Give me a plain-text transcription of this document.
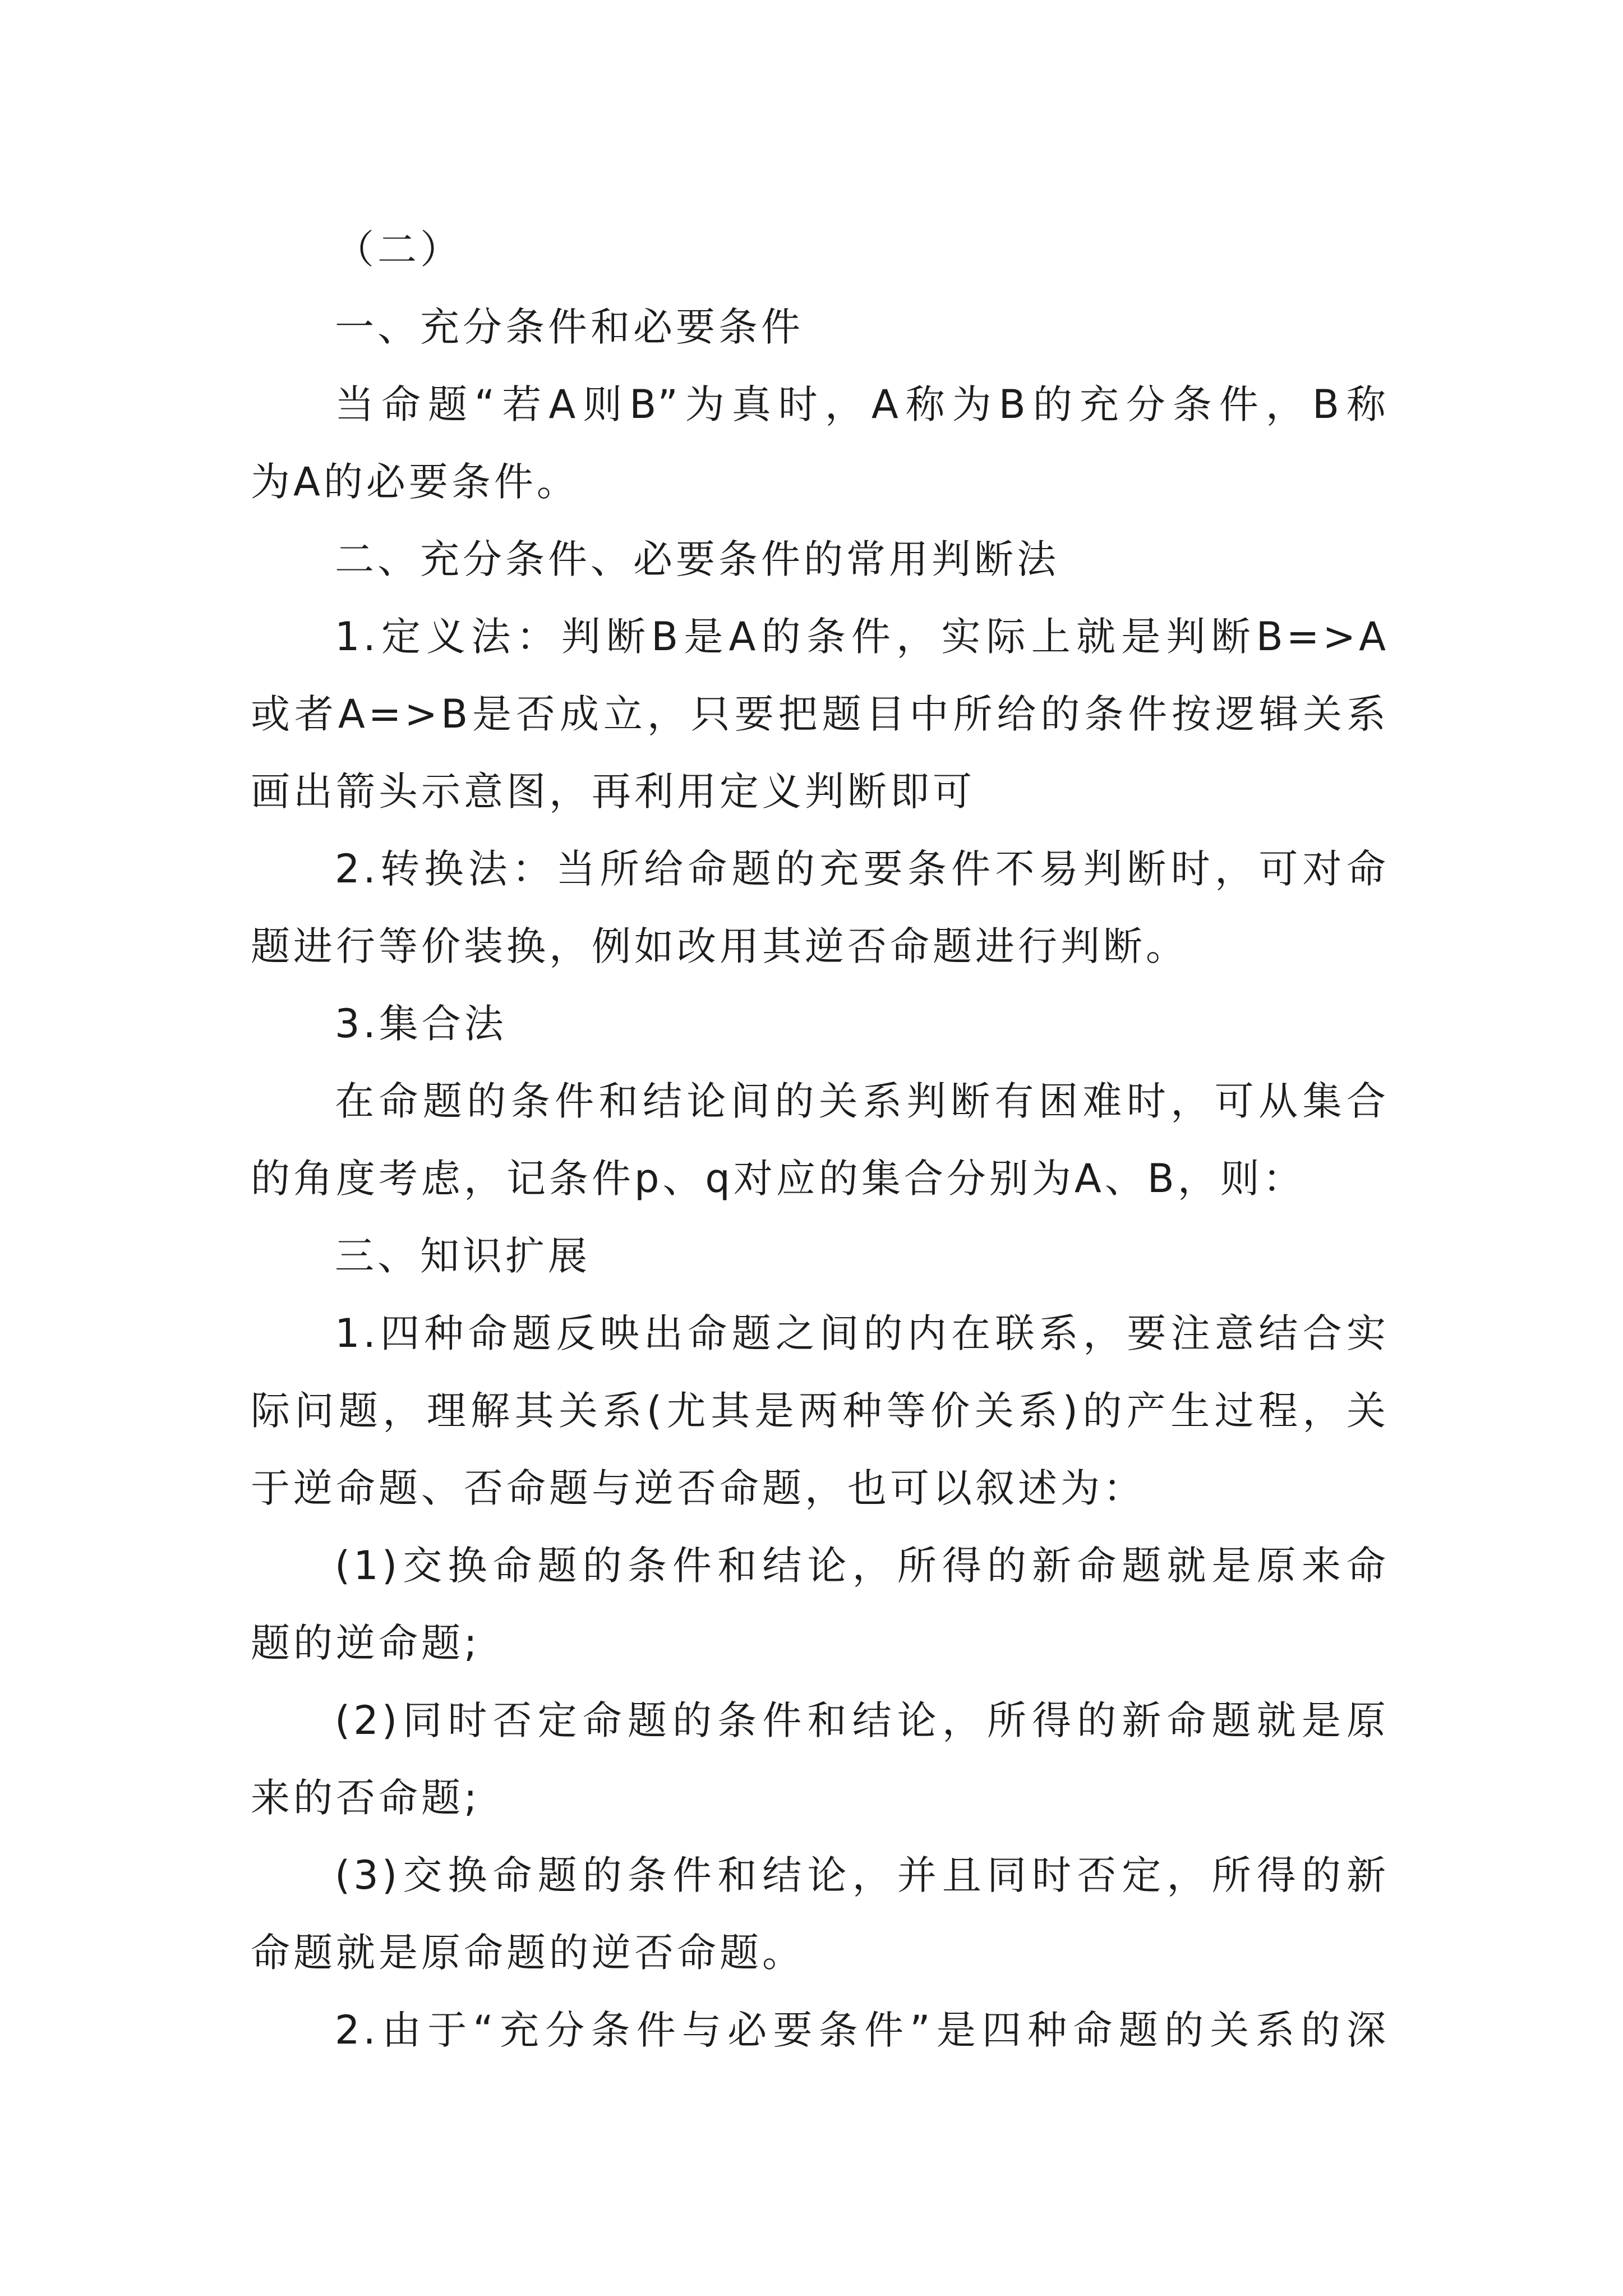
（二）
一、充分条件和必要条件
当命题“若A则B”为真时，A称为B的充分条件，B称
为A的必要条件。
二、充分条件、必要条件的常用判断法
1.定义法：判断B是A的条件，实际上就是判断B=>A
或者A=>B是否成立，只要把题目中所给的条件按逻辑关系
画出箭头示意图，再利用定义判断即可
2.转换法：当所给命题的充要条件不易判断时，可对命
题进行等价装换，例如改用其逆否命题进行判断。
3.集合法
在命题的条件和结论间的关系判断有困难时，可从集合
的角度考虑，记条件p、q对应的集合分别为A、B，则：
三、知识扩展
1.四种命题反映出命题之间的内在联系，要注意结合实
际问题，理解其关系(尤其是两种等价关系)的产生过程，关
于逆命题、否命题与逆否命题，也可以叙述为：
(1)交换命题的条件和结论，所得的新命题就是原来命
题的逆命题;
(2)同时否定命题的条件和结论，所得的新命题就是原
来的否命题;
(3)交换命题的条件和结论，并且同时否定，所得的新
命题就是原命题的逆否命题。
2.由于“充分条件与必要条件”是四种命题的关系的深
